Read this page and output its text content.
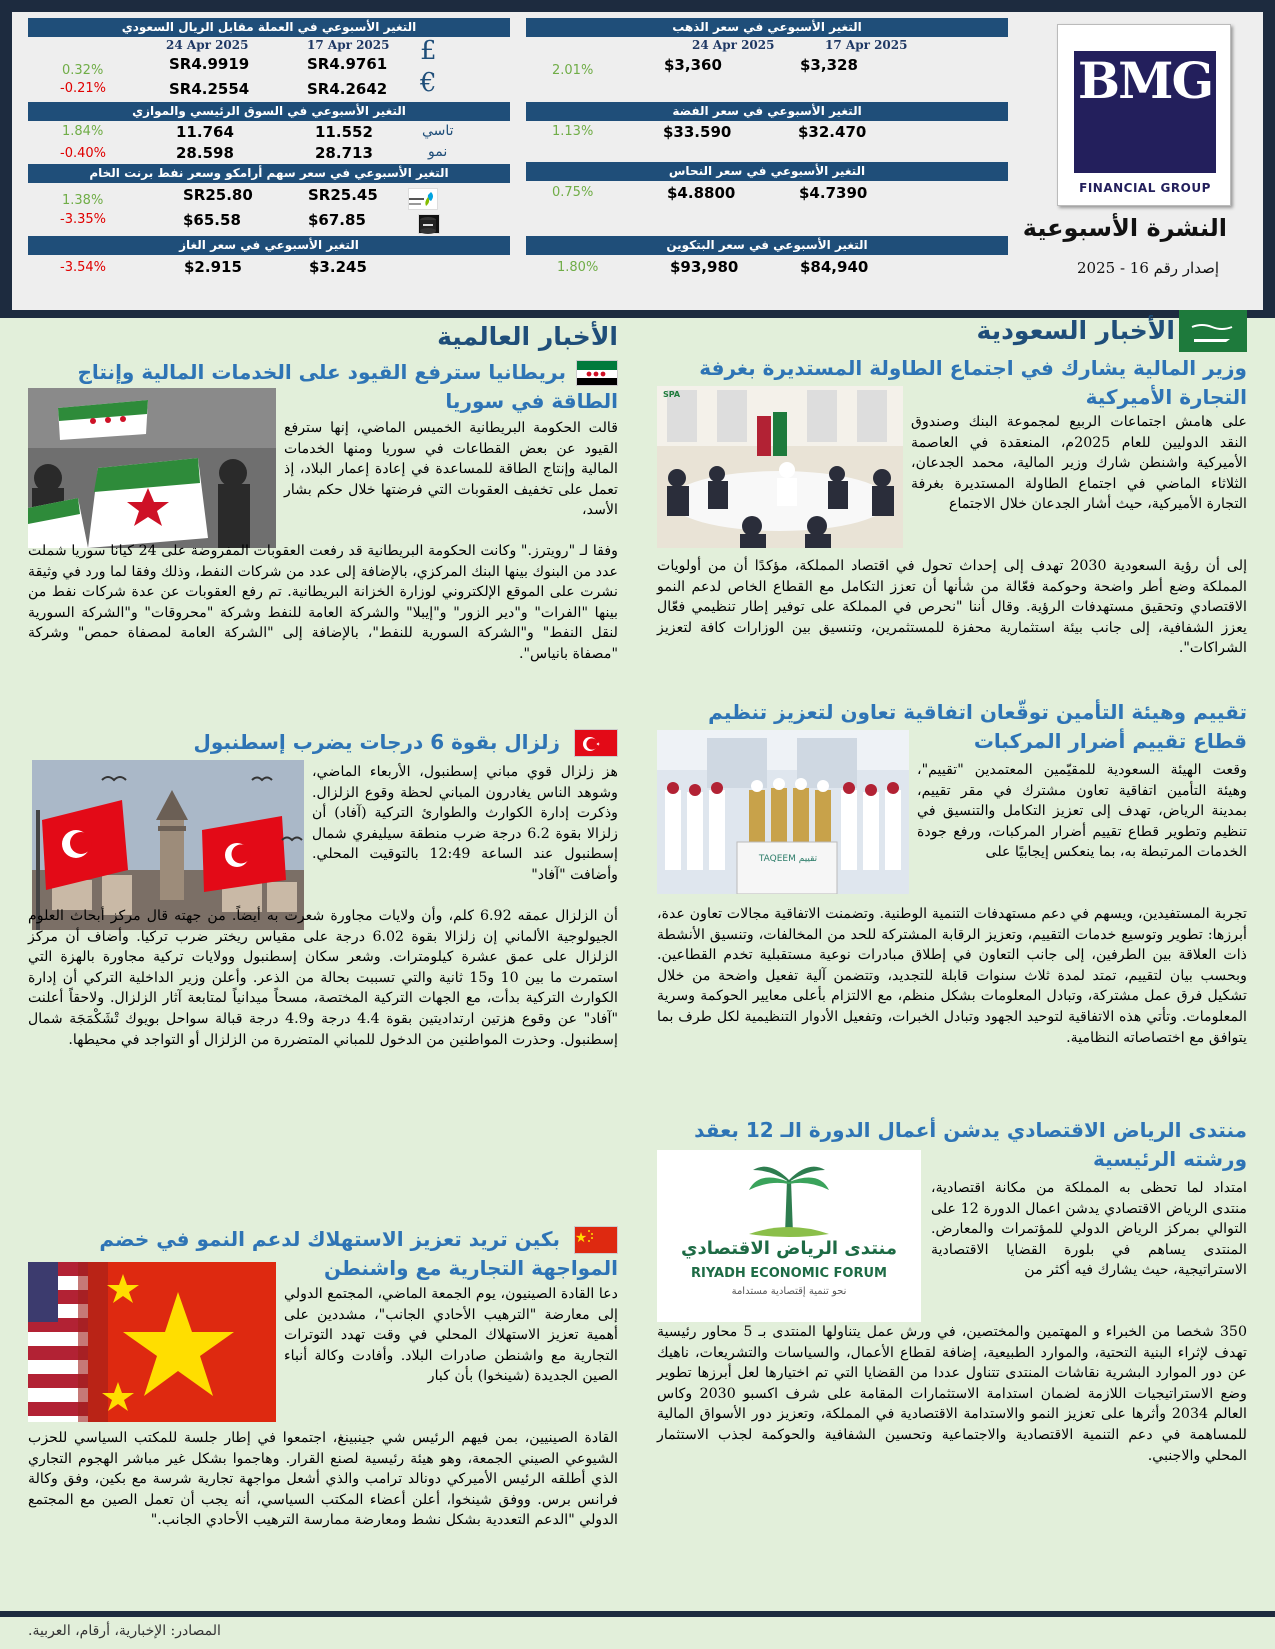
BMG
FINANCIAL GROUP
النشرة الأسبوعية
إصدار رقم 16 - 2025
التغير الأسبوعي في سعر الذهب
17 Apr 2025
24 Apr 2025
$3,328
$3,360
2.01%
التغير الأسبوعي في سعر الفضة
$32.470
$33.590
1.13%
التغير الأسبوعي في سعر النحاس
$4.7390
$4.8800
0.75%
التغير الأسبوعي في سعر البتكوين
$84,940
$93,980
1.80%
التغير الأسبوعي في العملة مقابل الريال السعودي
17 Apr 2025
24 Apr 2025	£
SR4.9761
SR4.9919
0.32%	€
SR4.2642
SR4.2554
-0.21%
التغير الأسبوعي في السوق الرئيسي والموازي
تاسي
11.552
11.764
1.84%
نمو
28.713
28.598
-0.40%
التغير الأسبوعي في سعر سهم أرامكو وسعر نفط برنت الخام
SR25.45
SR25.80
1.38%
$67.85
$65.58
-3.35%
التغير الأسبوعي في سعر الغاز
$3.245
$2.915
-3.54%
الأخبار السعودية
وزير المالية يشارك في اجتماع الطاولة المستديرة بغرفة التجارة الأميركية
SPA
على هامش اجتماعات الربيع لمجموعة البنك وصندوق النقد الدوليين للعام 2025م، المنعقدة في العاصمة الأميركية واشنطن شارك وزير المالية، محمد الجدعان، الثلاثاء الماضي في اجتماع الطاولة المستديرة بغرفة التجارة الأميركية، حيث أشار الجدعان خلال الاجتماع
إلى أن رؤية السعودية 2030 تهدف إلى إحداث تحول في اقتصاد المملكة، مؤكدًا أن من أولويات المملكة وضع أطر واضحة وحوكمة فعّالة من شأنها أن تعزز التكامل مع القطاع الخاص لدعم النمو الاقتصادي وتحقيق مستهدفات الرؤية. وقال أننا "نحرص في المملكة على توفير إطار تنظيمي فعّال يعزز الشفافية، إلى جانب بيئة استثمارية محفزة للمستثمرين، وتنسيق بين الوزارات كافة لتعزيز الشراكات".
تقييم وهيئة التأمين توقّعان اتفاقية تعاون لتعزيز تنظيم قطاع تقييم أضرار المركبات
تقييم TAQEEM
وقعت الهيئة السعودية للمقيّمين المعتمدين "تقييم"، وهيئة التأمين اتفاقية تعاون مشترك في مقر تقييم، بمدينة الرياض، تهدف إلى تعزيز التكامل والتنسيق في تنظيم وتطوير قطاع تقييم أضرار المركبات، ورفع جودة الخدمات المرتبطة به، بما ينعكس إيجابيًا على
تجربة المستفيدين، ويسهم في دعم مستهدفات التنمية الوطنية. وتضمنت الاتفاقية مجالات تعاون عدة، أبرزها: تطوير وتوسيع خدمات التقييم، وتعزيز الرقابة المشتركة للحد من المخالفات، وتنسيق الأنشطة ذات العلاقة بين الطرفين، إلى جانب التعاون في إطلاق مبادرات نوعية مستقبلية تخدم القطاعين. وبحسب بيان لتقييم، تمتد لمدة ثلاث سنوات قابلة للتجديد، وتتضمن آلية تفعيل واضحة من خلال تشكيل فرق عمل مشتركة، وتبادل المعلومات بشكل منظم، مع الالتزام بأعلى معايير الحوكمة وسرية المعلومات. وتأتي هذه الاتفاقية لتوحيد الجهود وتبادل الخبرات، وتفعيل الأدوار التنظيمية لكل طرف بما يتوافق مع اختصاصاته النظامية.
منتدى الرياض الاقتصادي يدشن أعمال الدورة الـ 12 بعقد ورشته الرئيسية
منتدى الرياض الاقتصادي
RIYADH ECONOMIC FORUM
نحو تنمية إقتصادية مستدامة
امتداد لما تحظى به المملكة من مكانة اقتصادية، منتدى الرياض الاقتصادي يدشن اعمال الدورة 12 على التوالي بمركز الرياض الدولي للمؤتمرات والمعارض. المنتدى يساهم في بلورة القضايا الاقتصادية الاستراتيجية، حيث يشارك فيه أكثر من
350 شخصا من الخبراء و المهتمين والمختصين، في ورش عمل يتناولها المنتدى بـ 5 محاور رئيسية تهدف لإثراء البنية التحتية، والموارد الطبيعية، إضافة لقطاع الأعمال، والسياسات والتشريعات، ناهيك عن دور الموارد البشرية نقاشات المنتدى تتناول عددا من القضايا التي تم اختيارها لعل أبرزها تطوير وضع الاستراتيجيات اللازمة لضمان استدامة الاستثمارات المقامة على شرف اكسبو 2030 وكاس العالم 2034 وأثرها على تعزيز النمو والاستدامة الاقتصادية في المملكة، وتعزيز دور الأسواق المالية للمساهمة في دعم التنمية الاقتصادية والاجتماعية وتحسين الشفافية والحوكمة لجذب الاستثمار المحلي والاجنبي.
الأخبار العالمية
بريطانيا سترفع القيود على الخدمات المالية وإنتاج الطاقة في سوريا
قالت الحكومة البريطانية الخميس الماضي، إنها سترفع القيود عن بعض القطاعات في سوريا ومنها الخدمات المالية وإنتاج الطاقة للمساعدة في إعادة إعمار البلاد، إذ تعمل على تخفيف العقوبات التي فرضتها خلال حكم بشار الأسد،
وفقا لـ "رويترز." وكانت الحكومة البريطانية قد رفعت العقوبات المفروضة على 24 كيانا سوريا شملت عدد من البنوك بينها البنك المركزي، بالإضافة إلى عدد من شركات النفط، وذلك وفقا لما ورد في وثيقة نشرت على الموقع الإلكتروني لوزارة الخزانة البريطانية. تم رفع العقوبات عن عدة شركات نفط من بينها "الفرات" و"دير الزور" و"إيبلا" والشركة العامة للنفط وشركة "محروقات" و"الشركة السورية لنقل النفط" و"الشركة السورية للنفط"، بالإضافة إلى "الشركة العامة لمصفاة حمص" وشركة "مصفاة بانياس".
زلزال بقوة 6 درجات يضرب إسطنبول
هز زلزال قوي مباني إسطنبول، الأربعاء الماضي، وشوهد الناس يغادرون المباني لحظة وقوع الزلزال. وذكرت إدارة الكوارث والطوارئ التركية (آفاد) أن زلزالا بقوة 6.2 درجة ضرب منطقة سيليفري شمال إسطنبول عند الساعة 12:49 بالتوقيت المحلي. وأضافت "آفاد"
أن الزلزال عمقه 6.92 كلم، وأن ولايات مجاورة شعرت به أيضاً. من جهته قال مركز أبحاث العلوم الجيولوجية الألماني إن زلزالا بقوة 6.02 درجة على مقياس ريختر ضرب تركيا. وأضاف أن مركز الزلزال على عمق عشرة كيلومترات. وشعر سكان إسطنبول وولايات تركية مجاورة بالهزة التي استمرت ما بين 10 و15 ثانية والتي تسببت بحالة من الذعر. وأعلن وزير الداخلية التركي أن إدارة الكوارث التركية بدأت، مع الجهات التركية المختصة، مسحاً ميدانياً لمتابعة آثار الزلزال. ولاحقاً أعلنت "آفاد" عن وقوع هزتين ارتداديتين بقوة 4.4 درجة و4.9 درجة قبالة سواحل بويوك تْشَكْمَجَة شمال إسطنبول. وحذرت المواطنين من الدخول للمباني المتضررة من الزلزال أو التواجد في محيطها.
بكين تريد تعزيز الاستهلاك لدعم النمو في خضم المواجهة التجارية مع واشنطن
دعا القادة الصينيون، يوم الجمعة الماضي، المجتمع الدولي إلى معارضة "الترهيب الأحادي الجانب"، مشددين على أهمية تعزيز الاستهلاك المحلي في وقت تهدد التوترات التجارية مع واشنطن صادرات البلاد. وأفادت وكالة أنباء الصين الجديدة (شينخوا) بأن كبار
القادة الصينيين، بمن فيهم الرئيس شي جينبينغ، اجتمعوا في إطار جلسة للمكتب السياسي للحزب الشيوعي الصيني الجمعة، وهو هيئة رئيسية لصنع القرار. وهاجموا بشكل غير مباشر الهجوم التجاري الذي أطلقه الرئيس الأميركي دونالد ترامب والذي أشعل مواجهة تجارية شرسة مع بكين، وفق وكالة فرانس برس. ووفق شينخوا، أعلن أعضاء المكتب السياسي، أنه يجب أن تعمل الصين مع المجتمع الدولي "الدعم التعددية بشكل نشط ومعارضة ممارسة الترهيب الأحادي الجانب."
المصادر: الإخبارية، أرقام، العربية.
